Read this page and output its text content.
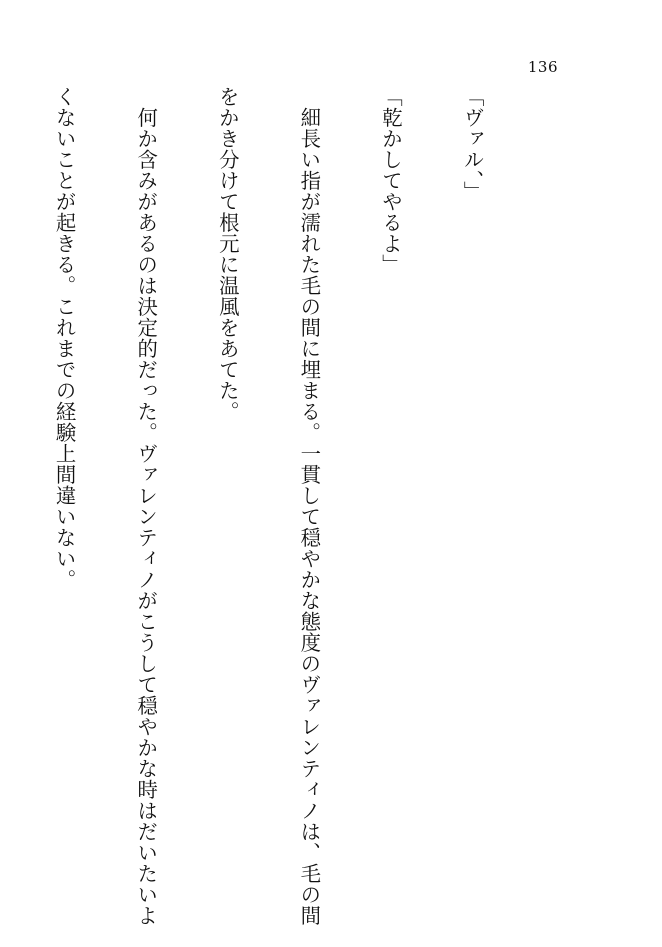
136

「ヴァル、」

「乾かしてやるよ」

　細長い指が濡れた毛の間に埋まる。一貫して穏やかな態度のヴァレンティノは、毛の間

をかき分けて根元に温風をあてた。

　何か含みがあるのは決定的だった。ヴァレンティノがこうして穏やかな時はだいたいよ

くないことが起きる。これまでの経験上間違いない。
